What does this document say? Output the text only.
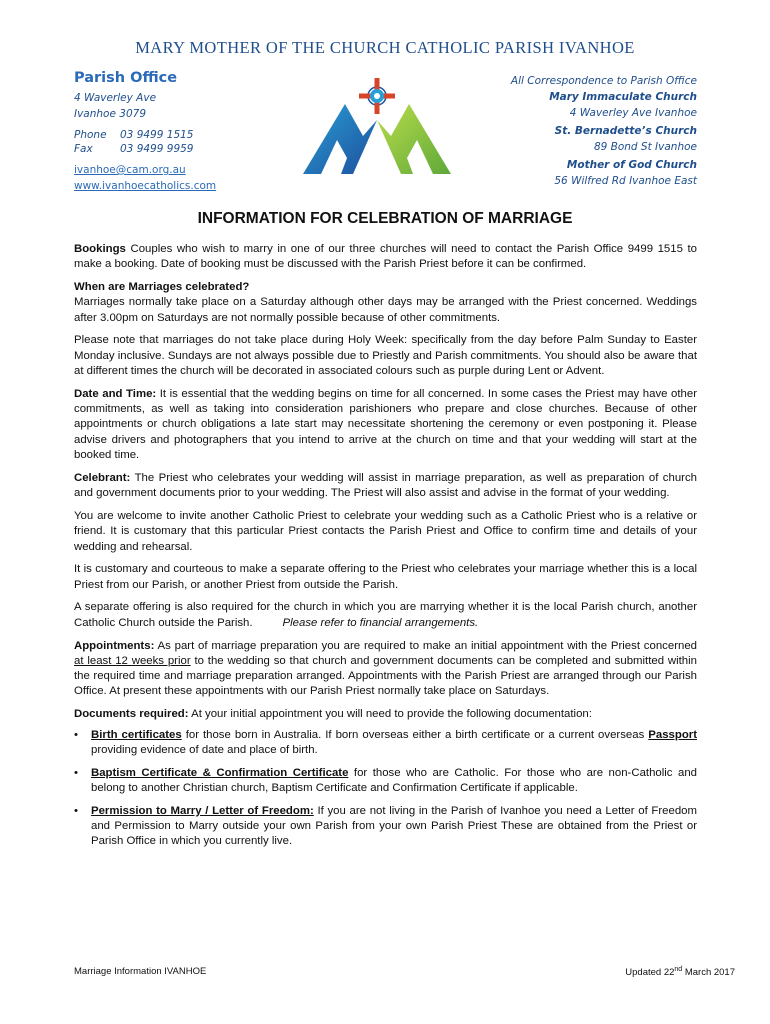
MARY MOTHER OF THE CHURCH CATHOLIC PARISH IVANHOE
Parish Office
4 Waverley Ave
Ivanhoe 3079
Phone 03 9499 1515
Fax	03 9499 9959
ivanhoe@cam.org.au
www.ivanhoecatholics.com
All Correspondence to Parish Office
Mary Immaculate Church
4 Waverley Ave Ivanhoe
St. Bernadette’s Church
89 Bond St Ivanhoe
Mother of God Church
56 Wilfred Rd Ivanhoe East
INFORMATION FOR CELEBRATION OF MARRIAGE

Bookings Couples who wish to marry in one of our three churches will need to contact the Parish Office 9499 1515 to make a booking. Date of booking must be discussed with the Parish Priest before it can be confirmed.

When are Marriages celebrated?

Marriages normally take place on a Saturday although other days may be arranged with the Priest concerned. Weddings after 3.00pm on Saturdays are not normally possible because of other commitments.

Please note that marriages do not take place during Holy Week: specifically from the day before Palm Sunday to Easter Monday inclusive. Sundays are not always possible due to Priestly and Parish commitments. You should also be aware that at different times the church will be decorated in associated colours such as purple during Lent or Advent.

Date and Time: It is essential that the wedding begins on time for all concerned. In some cases the Priest may have other commitments, as well as taking into consideration parishioners who prepare and close churches. Because of other appointments or church obligations a late start may necessitate shortening the ceremony or even postponing it. Please advise drivers and photographers that you intend to arrive at the church on time and that your wedding will start at the booked time.

Celebrant: The Priest who celebrates your wedding will assist in marriage preparation, as well as preparation of church and government documents prior to your wedding. The Priest will also assist and advise in the format of your wedding.

You are welcome to invite another Catholic Priest to celebrate your wedding such as a Catholic Priest who is a relative or friend. It is customary that this particular Priest contacts the Parish Priest and Office to confirm time and details of your wedding and rehearsal.

It is customary and courteous to make a separate offering to the Priest who celebrates your marriage whether this is a local Priest from our Parish, or another Priest from outside the Parish.

A separate offering is also required for the church in which you are marrying whether it is the local Parish church, another Catholic Church outside the Parish.	Please refer to financial arrangements.

Appointments: As part of marriage preparation you are required to make an initial appointment with the Priest concerned at least 12 weeks prior to the wedding so that church and government documents can be completed and submitted within the required time and marriage preparation arranged. Appointments with the Parish Priest are arranged through our Parish Office. At present these appointments with our Parish Priest normally take place on Saturdays.

Documents required: At your initial appointment you will need to provide the following documentation:

• Birth certificates for those born in Australia. If born overseas either a birth certificate or a current overseas Passport providing evidence of date and place of birth.
• Baptism Certificate & Confirmation Certificate for those who are Catholic. For those who are non-Catholic and belong to another Christian church, Baptism Certificate and Confirmation Certificate if applicable.
• Permission to Marry / Letter of Freedom: If you are not living in the Parish of Ivanhoe you need a Letter of Freedom and Permission to Marry outside your own Parish from your own Parish Priest These are obtained from the Priest or Parish Office in which you currently live.
Marriage Information IVANHOE	Updated 22nd March 2017
